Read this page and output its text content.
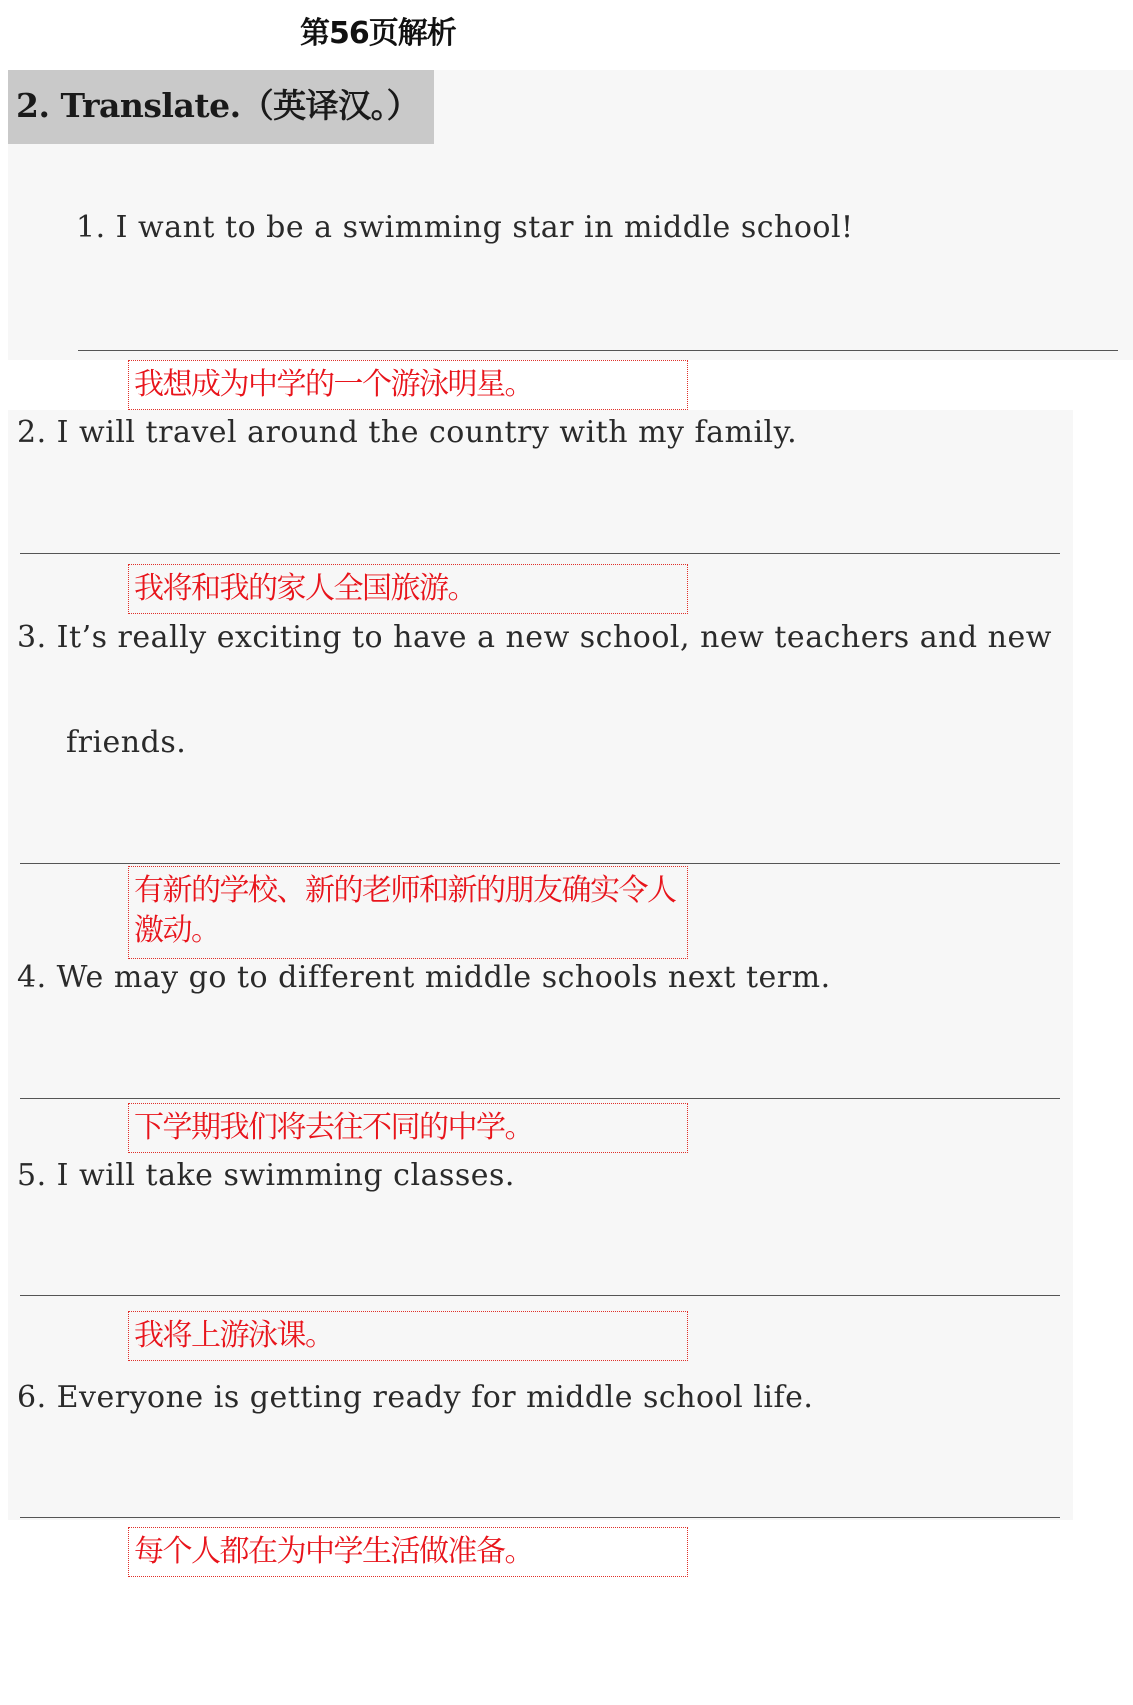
第56页解析
2. Translate.（英译汉。）
1. I want to be a swimming star in middle school!
我想成为中学的一个游泳明星。
2. I will travel around the country with my family.
我将和我的家人全国旅游。
3. It’s really exciting to have a new school, new teachers and new
friends.
有新的学校、新的老师和新的朋友确实令人激动。
4. We may go to different middle schools next term.
下学期我们将去往不同的中学。
5. I will take swimming classes.
我将上游泳课。
6. Everyone is getting ready for middle school life.
每个人都在为中学生活做准备。
